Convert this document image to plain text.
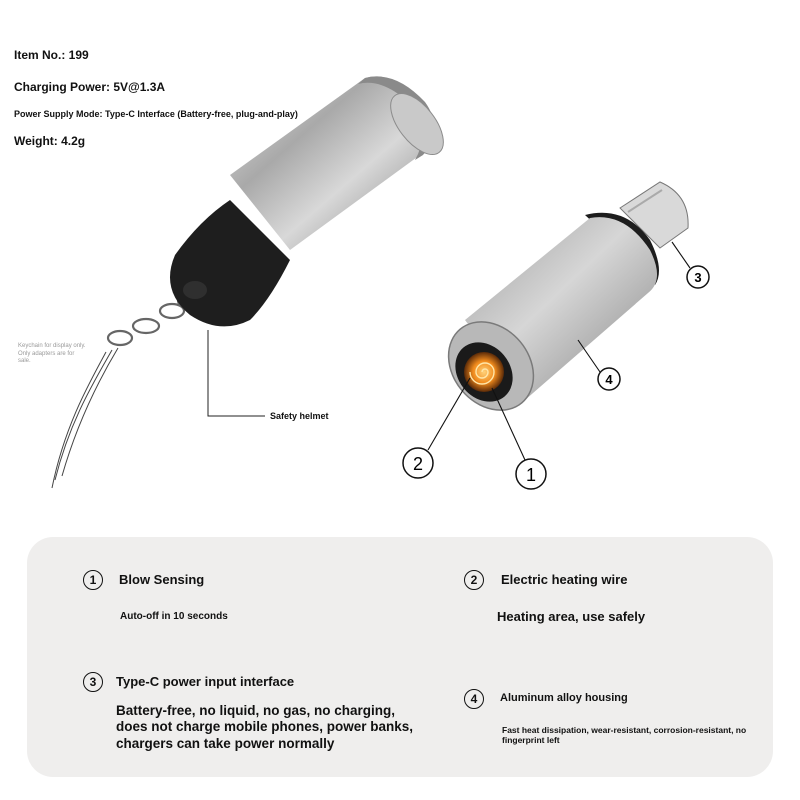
Item No.: 199
Charging Power: 5V@1.3A
Power Supply Mode: Type-C Interface (Battery-free, plug-and-play)
Weight: 4.2g
3
4
2
1
Keychain for display only. Only adapters are for sale.
Safety helmet
1	Blow Sensing
Auto-off in 10 seconds
2	Electric heating wire
Heating area, use safely
3	Type-C power input interface
Battery-free, no liquid, no gas, no charging, does not charge mobile phones, power banks, chargers can take power normally
4	Aluminum alloy housing
Fast heat dissipation, wear-resistant, corrosion-resistant, no fingerprint left
